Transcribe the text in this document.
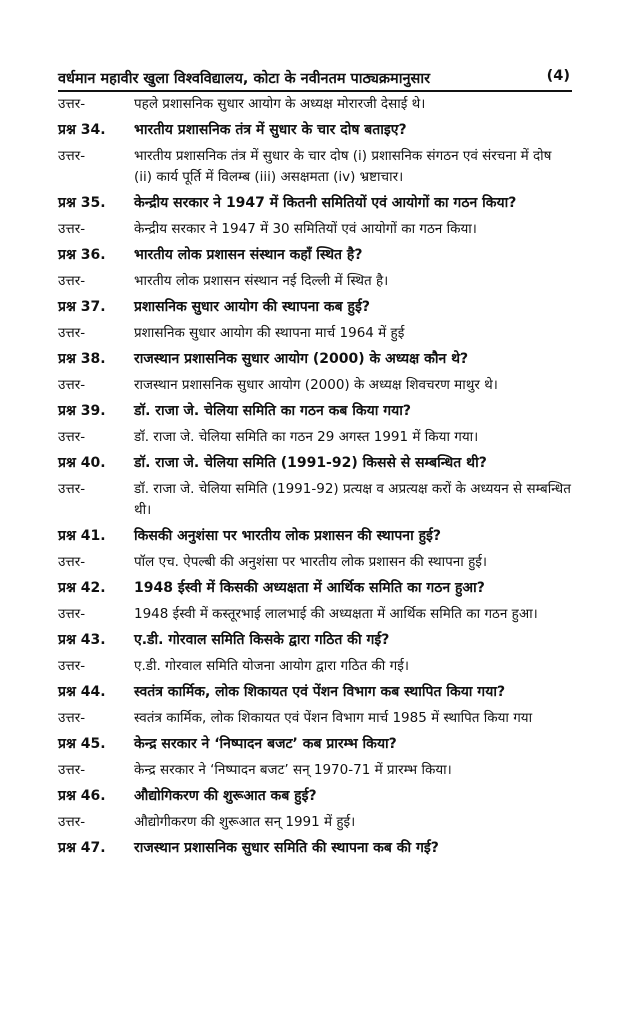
वर्धमान महावीर खुला विश्वविद्यालय, कोटा के नवीनतम पाठ्यक्रमानुसार	(4)
उत्तर-	पहले प्रशासनिक सुधार आयोग के अध्यक्ष मोरारजी देसाई थे।
प्रश्न 34.	भारतीय प्रशासनिक तंत्र में सुधार के चार दोष बताइए?
उत्तर-	भारतीय प्रशासनिक तंत्र में सुधार के चार दोष (i) प्रशासनिक संगठन एवं संरचना में दोष (ii) कार्य पूर्ति में विलम्ब (iii) असक्षमता (iv) भ्रष्टाचार।
प्रश्न 35.	केन्द्रीय सरकार ने 1947 में कितनी समितियों एवं आयोगों का गठन किया?
उत्तर-	केन्द्रीय सरकार ने 1947 में 30 समितियों एवं आयोगों का गठन किया।
प्रश्न 36.	भारतीय लोक प्रशासन संस्थान कहाँ स्थित है?
उत्तर-	भारतीय लोक प्रशासन संस्थान नई दिल्ली में स्थित है।
प्रश्न 37.	प्रशासनिक सुधार आयोग की स्थापना कब हुई?
उत्तर-	प्रशासनिक सुधार आयोग की स्थापना मार्च 1964 में हुई
प्रश्न 38.	राजस्थान प्रशासनिक सुधार आयोग (2000) के अध्यक्ष कौन थे?
उत्तर-	राजस्थान प्रशासनिक सुधार आयोग (2000) के अध्यक्ष शिवचरण माथुर थे।
प्रश्न 39.	डॉ. राजा जे. चेलिया समिति का गठन कब किया गया?
उत्तर-	डॉ. राजा जे. चेलिया समिति का गठन 29 अगस्त 1991 में किया गया।
प्रश्न 40.	डॉ. राजा जे. चेलिया समिति (1991-92) किससे से सम्बन्धित थी?
उत्तर-	डॉ. राजा जे. चेलिया समिति (1991-92) प्रत्यक्ष व अप्रत्यक्ष करों के अध्ययन से सम्बन्धित थी।
प्रश्न 41.	किसकी अनुशंसा पर भारतीय लोक प्रशासन की स्थापना हुई?
उत्तर-	पॉल एच. ऐपल्बी की अनुशंसा पर भारतीय लोक प्रशासन की स्थापना हुई।
प्रश्न 42.	1948 ईस्वी में किसकी अध्यक्षता में आर्थिक समिति का गठन हुआ?
उत्तर-	1948 ईस्वी में कस्तूरभाई लालभाई की अध्यक्षता में आर्थिक समिति का गठन हुआ।
प्रश्न 43.	ए.डी. गोरवाल समिति किसके द्वारा गठित की गई?
उत्तर-	ए.डी. गोरवाल समिति योजना आयोग द्वारा गठित की गई।
प्रश्न 44.	स्वतंत्र कार्मिक, लोक शिकायत एवं पेंशन विभाग कब स्थापित किया गया?
उत्तर-	स्वतंत्र कार्मिक, लोक शिकायत एवं पेंशन विभाग मार्च 1985 में स्थापित किया गया
प्रश्न 45.	केन्द्र सरकार ने ‘निष्पादन बजट’ कब प्रारम्भ किया?
उत्तर-	केन्द्र सरकार ने ‘निष्पादन बजट’ सन् 1970-71 में प्रारम्भ किया।
प्रश्न 46.	औद्योगिकरण की शुरूआत कब हुई?
उत्तर-	औद्योगीकरण की शुरूआत सन् 1991 में हुई।
प्रश्न 47.	राजस्थान प्रशासनिक सुधार समिति की स्थापना कब की गई?
